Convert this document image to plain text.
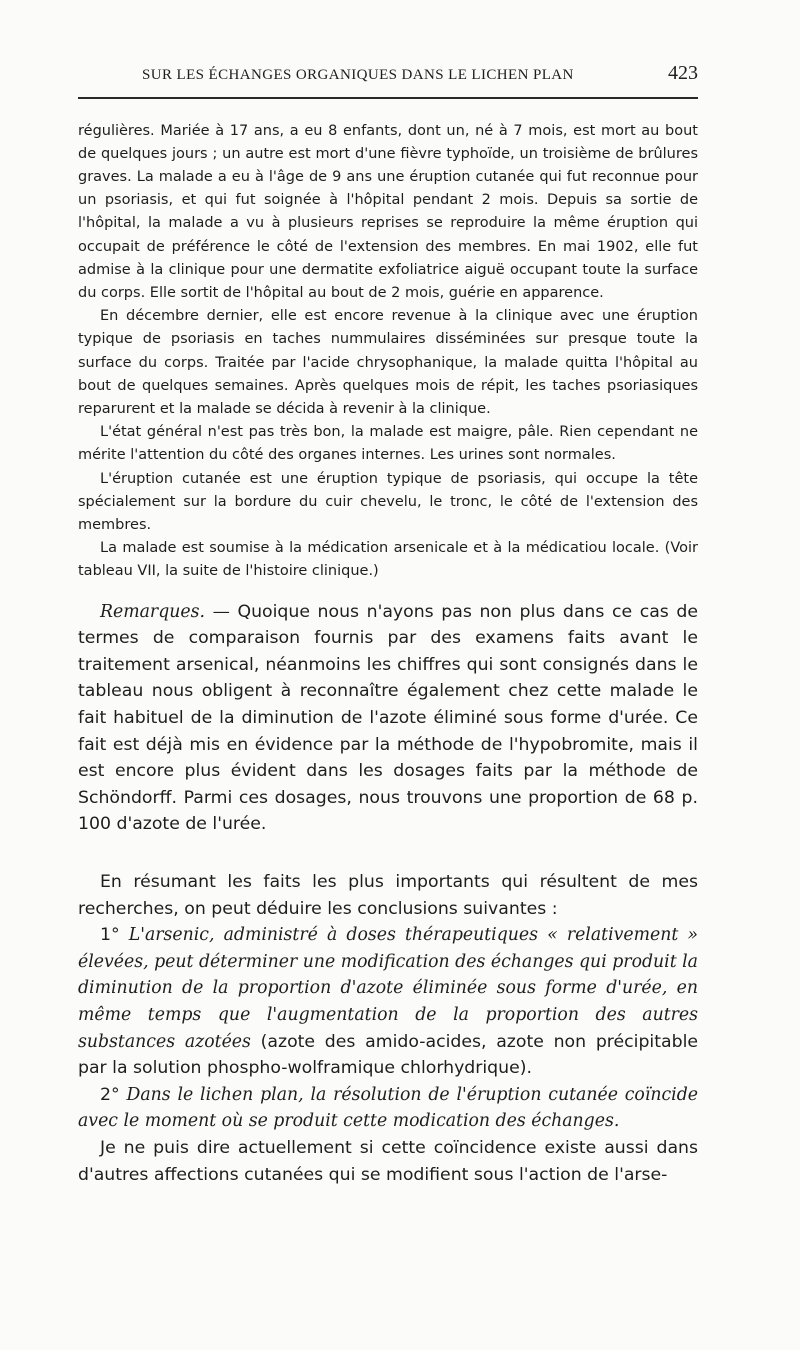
SUR LES ÉCHANGES ORGANIQUES DANS LE LICHEN PLAN	423

régulières. Mariée à 17 ans, a eu 8 enfants, dont un, né à 7 mois, est mort au bout de quelques jours ; un autre est mort d'une fièvre typhoïde, un troisième de brûlures graves. La malade a eu à l'âge de 9 ans une éruption cutanée qui fut reconnue pour un psoriasis, et qui fut soignée à l'hôpital pendant 2 mois. Depuis sa sortie de l'hôpital, la malade a vu à plusieurs reprises se reproduire la même éruption qui occupait de préférence le côté de l'extension des membres. En mai 1902, elle fut admise à la clinique pour une dermatite exfoliatrice aiguë occupant toute la surface du corps. Elle sortit de l'hôpital au bout de 2 mois, guérie en apparence.

En décembre dernier, elle est encore revenue à la clinique avec une éruption typique de psoriasis en taches nummulaires disséminées sur presque toute la surface du corps. Traitée par l'acide chrysophanique, la malade quitta l'hôpital au bout de quelques semaines. Après quelques mois de répit, les taches psoriasiques reparurent et la malade se décida à revenir à la clinique.

L'état général n'est pas très bon, la malade est maigre, pâle. Rien cependant ne mérite l'attention du côté des organes internes. Les urines sont normales.

L'éruption cutanée est une éruption typique de psoriasis, qui occupe la tête spécialement sur la bordure du cuir chevelu, le tronc, le côté de l'extension des membres.

La malade est soumise à la médication arsenicale et à la médicatiou locale. (Voir tableau VII, la suite de l'histoire clinique.)

Remarques. — Quoique nous n'ayons pas non plus dans ce cas de termes de comparaison fournis par des examens faits avant le traitement arsenical, néanmoins les chiffres qui sont consignés dans le tableau nous obligent à reconnaître également chez cette malade le fait habituel de la diminution de l'azote éliminé sous forme d'urée. Ce fait est déjà mis en évidence par la méthode de l'hypobromite, mais il est encore plus évident dans les dosages faits par la méthode de Schöndorff. Parmi ces dosages, nous trouvons une proportion de 68 p. 100 d'azote de l'urée.

En résumant les faits les plus importants qui résultent de mes recherches, on peut déduire les conclusions suivantes :

1° L'arsenic, administré à doses thérapeutiques « relativement » élevées, peut déterminer une modification des échanges qui produit la diminution de la proportion d'azote éliminée sous forme d'urée, en même temps que l'augmentation de la proportion des autres substances azotées (azote des amido-acides, azote non précipitable par la solution phospho-wolframique chlorhydrique).

2° Dans le lichen plan, la résolution de l'éruption cutanée coïncide avec le moment où se produit cette modication des échanges.

Je ne puis dire actuellement si cette coïncidence existe aussi dans d'autres affections cutanées qui se modifient sous l'action de l'arse-
